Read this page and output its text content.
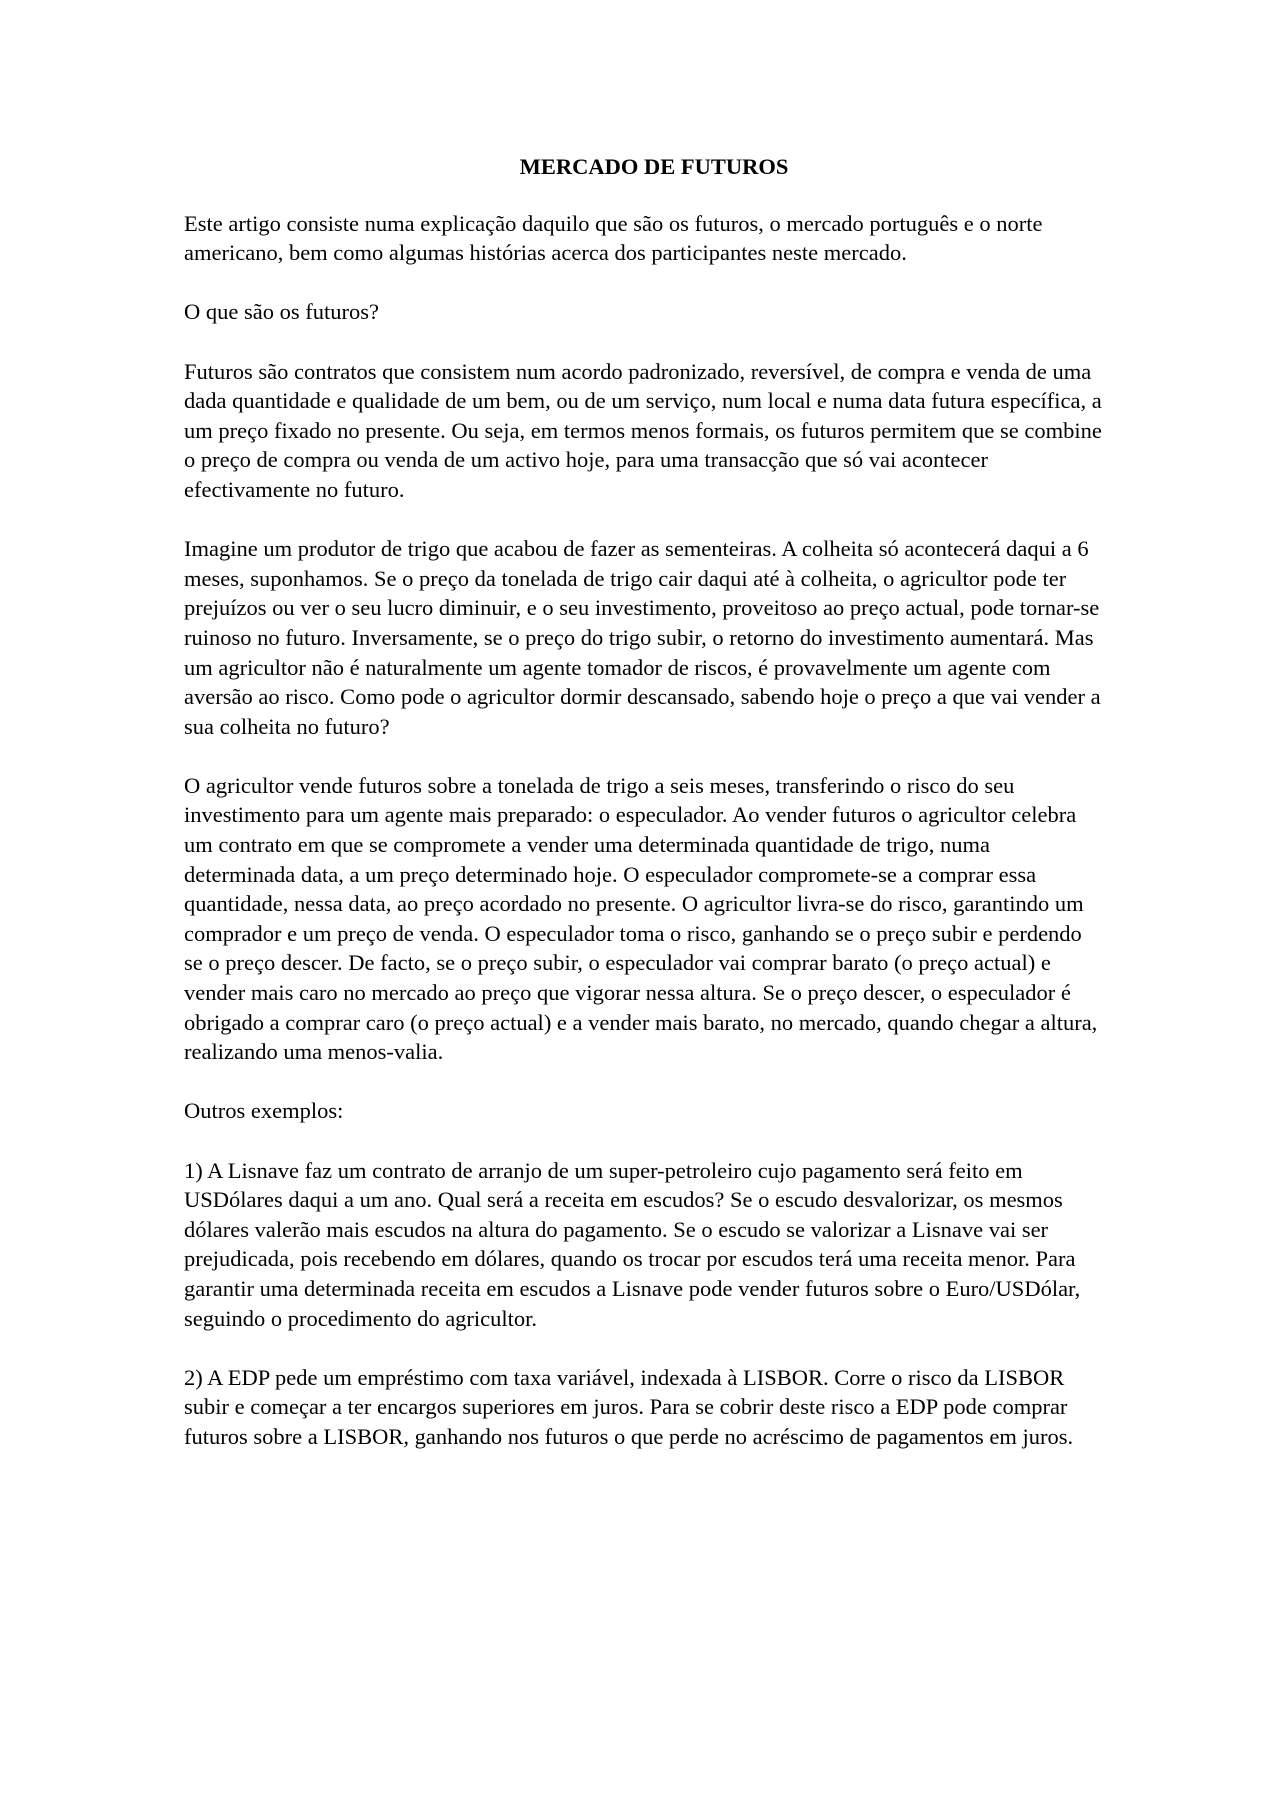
MERCADO DE FUTUROS

Este artigo consiste numa explicação daquilo que são os futuros, o mercado português e o norte americano, bem como algumas histórias acerca dos participantes neste mercado.

O que são os futuros?

Futuros são contratos que consistem num acordo padronizado, reversível, de compra e venda de uma dada quantidade e qualidade de um bem, ou de um serviço, num local e numa data futura específica, a um preço fixado no presente. Ou seja, em termos menos formais, os futuros permitem que se combine o preço de compra ou venda de um activo hoje, para uma transacção que só vai acontecer efectivamente no futuro.

Imagine um produtor de trigo que acabou de fazer as sementeiras. A colheita só acontecerá daqui a 6 meses, suponhamos. Se o preço da tonelada de trigo cair daqui até à colheita, o agricultor pode ter prejuízos ou ver o seu lucro diminuir, e o seu investimento, proveitoso ao preço actual, pode tornar-se ruinoso no futuro. Inversamente, se o preço do trigo subir, o retorno do investimento aumentará. Mas um agricultor não é naturalmente um agente tomador de riscos, é provavelmente um agente com aversão ao risco. Como pode o agricultor dormir descansado, sabendo hoje o preço a que vai vender a sua colheita no futuro?

O agricultor vende futuros sobre a tonelada de trigo a seis meses, transferindo o risco do seu investimento para um agente mais preparado: o especulador. Ao vender futuros o agricultor celebra um contrato em que se compromete a vender uma determinada quantidade de trigo, numa determinada data, a um preço determinado hoje. O especulador compromete-se a comprar essa quantidade, nessa data, ao preço acordado no presente. O agricultor livra-se do risco, garantindo um comprador e um preço de venda. O especulador toma o risco, ganhando se o preço subir e perdendo se o preço descer. De facto, se o preço subir, o especulador vai comprar barato (o preço actual) e vender mais caro no mercado ao preço que vigorar nessa altura. Se o preço descer, o especulador é obrigado a comprar caro (o preço actual) e a vender mais barato, no mercado, quando chegar a altura, realizando uma menos-valia.

Outros exemplos:

1) A Lisnave faz um contrato de arranjo de um super-petroleiro cujo pagamento será feito em USDólares daqui a um ano. Qual será a receita em escudos? Se o escudo desvalorizar, os mesmos dólares valerão mais escudos na altura do pagamento. Se o escudo se valorizar a Lisnave vai ser prejudicada, pois recebendo em dólares, quando os trocar por escudos terá uma receita menor. Para garantir uma determinada receita em escudos a Lisnave pode vender futuros sobre o Euro/USDólar, seguindo o procedimento do agricultor.

2) A EDP pede um empréstimo com taxa variável, indexada à LISBOR. Corre o risco da LISBOR subir e começar a ter encargos superiores em juros. Para se cobrir deste risco a EDP pode comprar futuros sobre a LISBOR, ganhando nos futuros o que perde no acréscimo de pagamentos em juros.
